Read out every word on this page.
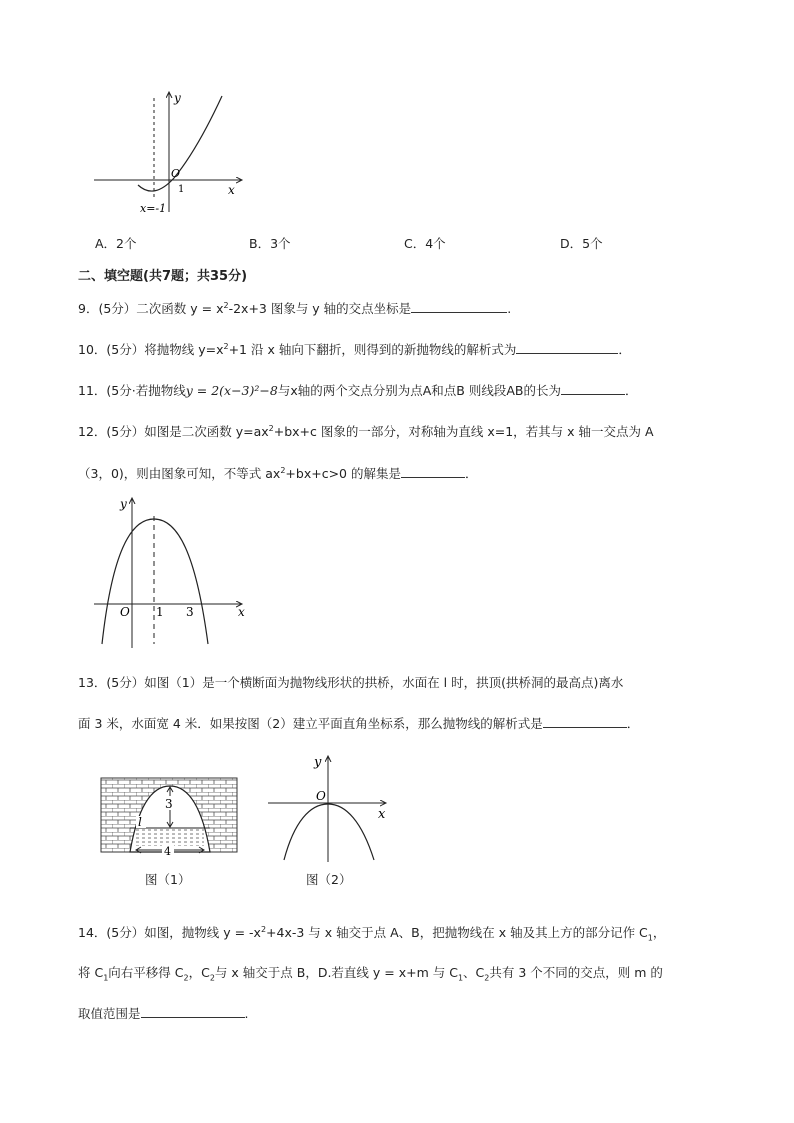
y
x
O
1
x=-1
A．2个	B．3个	C．4个	D．5个
二、填空题(共7题；共35分)
9．(5分）二次函数 $y = x^2-2x+3$ 图象与 y 轴的交点坐标是	.
10．(5分）将抛物线 $y=x^2+1$ 沿 x 轴向下翻折，则得到的新抛物线的解析式为	．
11．(5分·若抛物线y = 2(x−3)²−8与x轴的两个交点分别为点A和点B 则线段AB的长为	．
12．(5分）如图是二次函数 $y=ax^2+bx+c$ 图象的一部分，对称轴为直线 x=1，若其与 x 轴一交点为 A
（3，0)，则由图象可知，不等式 $ax^2+bx+c>0$ 的解集是	．
y
x
O 1 3
13．(5分）如图（1）是一个横断面为抛物线形状的拱桥，水面在 l 时，拱顶(拱桥洞的最高点)离水
面 3 米，水面宽 4 米．如果按图（2）建立平面直角坐标系，那么抛物线的解析式是	．
3
4
l
图（1）
y
x
O
图（2）
14．(5分）如图，抛物线 $y = -x^2+4x-3$ 与 x 轴交于点 A、B，把抛物线在 x 轴及其上方的部分记作 $C_1$，
将 $C_1$向右平移得 $C_2$，$C_2$与 x 轴交于点 B，D.若直线 y = x+m 与 $C_1$、$C_2$共有 3 个不同的交点，则 m 的
取值范围是	.
